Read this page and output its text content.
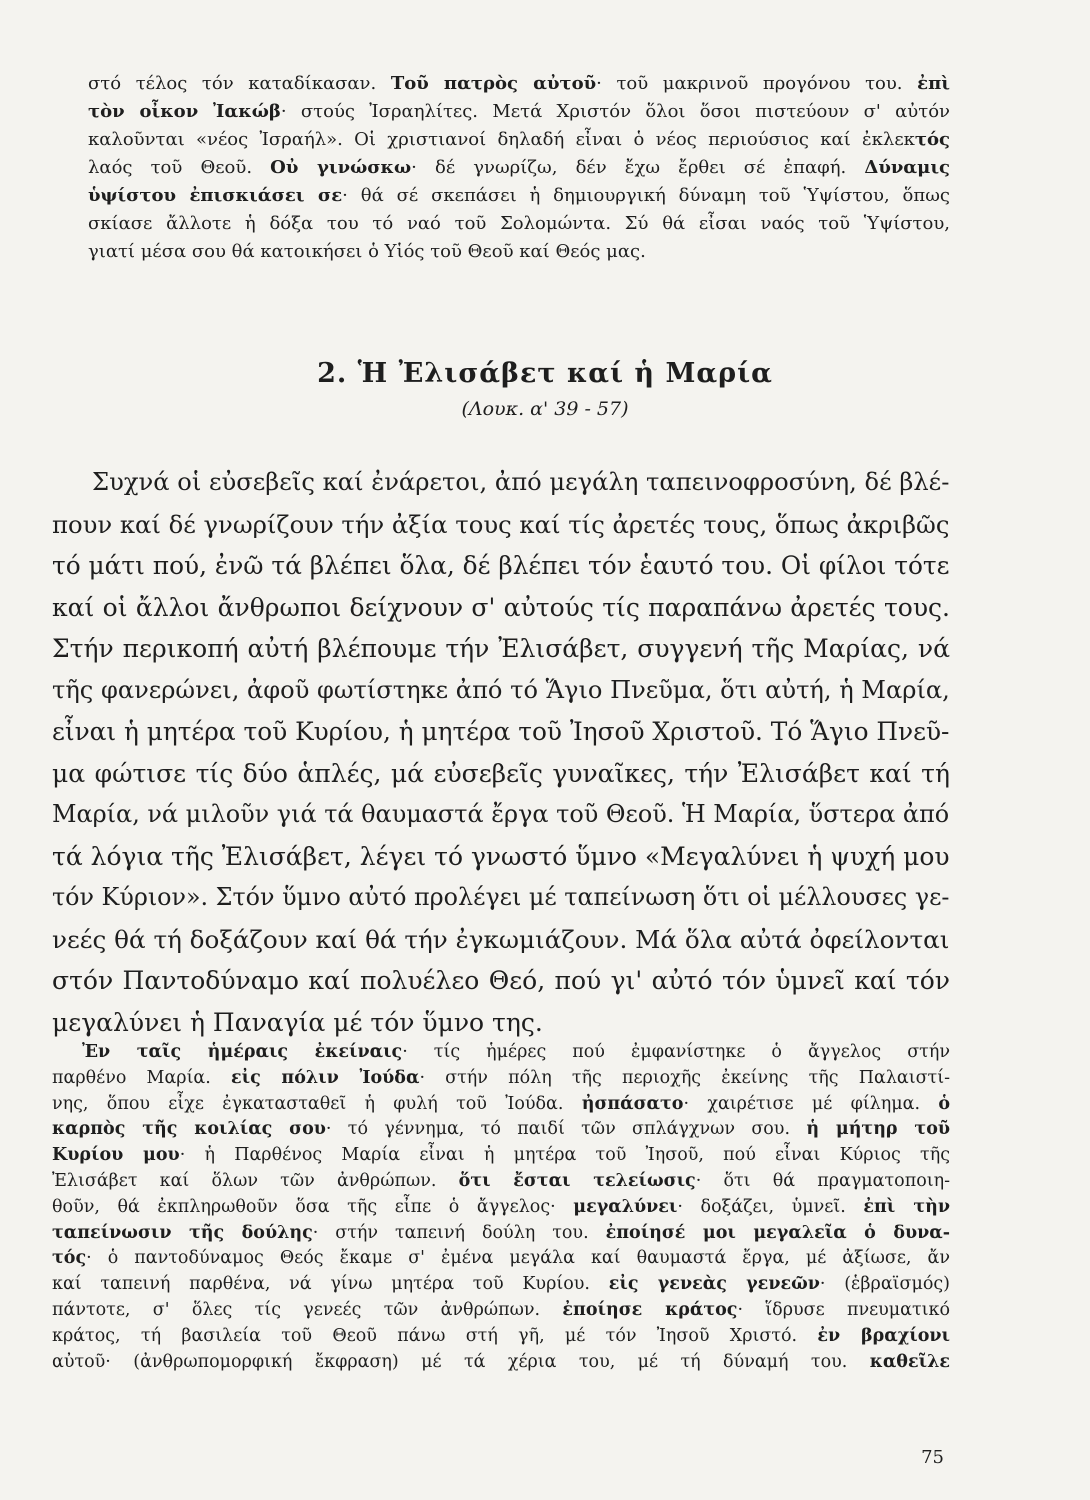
στό τέλος τόν καταδίκασαν. Τοῦ πατρὸς αὐτοῦ· τοῦ μακρινοῦ προγόνου του. ἐπὶ
τὸν οἶκον Ἰακώβ· στούς Ἰσραηλίτες. Μετά Χριστόν ὅλοι ὅσοι πιστεύουν σ' αὐτόν
καλοῦνται «νέος Ἰσραήλ». Οἱ χριστιανοί δηλαδή εἶναι ὁ νέος περιούσιος καί ἐκλεκτός
λαός τοῦ Θεοῦ. Οὐ γινώσκω· δέ γνωρίζω, δέν ἔχω ἔρθει σέ ἐπαφή. Δύναμις
ὑψίστου ἐπισκιάσει σε· θά σέ σκεπάσει ἡ δημιουργική δύναμη τοῦ Ὑψίστου, ὅπως
σκίασε ἄλλοτε ἡ δόξα του τό ναό τοῦ Σολομώντα. Σύ θά εἶσαι ναός τοῦ Ὑψίστου,
γιατί μέσα σου θά κατοικήσει ὁ Υἱός τοῦ Θεοῦ καί Θεός μας.
2. Ἡ Ἐλισάβετ καί ἡ Μαρία
(Λουκ. α' 39 - 57)
Συχνά οἱ εὐσεβεῖς καί ἐνάρετοι, ἀπό μεγάλη ταπεινοφροσύνη, δέ βλέ-
πουν καί δέ γνωρίζουν τήν ἀξία τους καί τίς ἀρετές τους, ὅπως ἀκριβῶς
τό μάτι πού, ἐνῶ τά βλέπει ὅλα, δέ βλέπει τόν ἑαυτό του. Οἱ φίλοι τότε
καί οἱ ἄλλοι ἄνθρωποι δείχνουν σ' αὐτούς τίς παραπάνω ἀρετές τους.
Στήν περικοπή αὐτή βλέπουμε τήν Ἐλισάβετ, συγγενή τῆς Μαρίας, νά
τῆς φανερώνει, ἀφοῦ φωτίστηκε ἀπό τό Ἅγιο Πνεῦμα, ὅτι αὐτή, ἡ Μαρία,
εἶναι ἡ μητέρα τοῦ Κυρίου, ἡ μητέρα τοῦ Ἰησοῦ Χριστοῦ. Τό Ἅγιο Πνεῦ-
μα φώτισε τίς δύο ἁπλές, μά εὐσεβεῖς γυναῖκες, τήν Ἐλισάβετ καί τή
Μαρία, νά μιλοῦν γιά τά θαυμαστά ἔργα τοῦ Θεοῦ. Ἡ Μαρία, ὕστερα ἀπό
τά λόγια τῆς Ἐλισάβετ, λέγει τό γνωστό ὕμνο «Μεγαλύνει ἡ ψυχή μου
τόν Κύριον». Στόν ὕμνο αὐτό προλέγει μέ ταπείνωση ὅτι οἱ μέλλουσες γε-
νεές θά τή δοξάζουν καί θά τήν ἐγκωμιάζουν. Μά ὅλα αὐτά ὀφείλονται
στόν Παντοδύναμο καί πολυέλεο Θεό, πού γι' αὐτό τόν ὑμνεῖ καί τόν
μεγαλύνει ἡ Παναγία μέ τόν ὕμνο της.
Ἐν ταῖς ἡμέραις ἐκείναις· τίς ἡμέρες πού ἐμφανίστηκε ὁ ἄγγελος στήν
παρθένο Μαρία. εἰς πόλιν Ἰούδα· στήν πόλη τῆς περιοχῆς ἐκείνης τῆς Παλαιστί-
νης, ὅπου εἶχε ἐγκατασταθεῖ ἡ φυλή τοῦ Ἰούδα. ἠσπάσατο· χαιρέτισε μέ φίλημα. ὁ
καρπὸς τῆς κοιλίας σου· τό γέννημα, τό παιδί τῶν σπλάγχνων σου. ἡ μήτηρ τοῦ
Κυρίου μου· ἡ Παρθένος Μαρία εἶναι ἡ μητέρα τοῦ Ἰησοῦ, πού εἶναι Κύριος τῆς
Ἐλισάβετ καί ὅλων τῶν ἀνθρώπων. ὅτι ἔσται τελείωσις· ὅτι θά πραγματοποιη-
θοῦν, θά ἐκπληρωθοῦν ὅσα τῆς εἶπε ὁ ἄγγελος· μεγαλύνει· δοξάζει, ὑμνεῖ. ἐπὶ τὴν
ταπείνωσιν τῆς δούλης· στήν ταπεινή δούλη του. ἐποίησέ μοι μεγαλεῖα ὁ δυνα-
τός· ὁ παντοδύναμος Θεός ἔκαμε σ' ἐμένα μεγάλα καί θαυμαστά ἔργα, μέ ἀξίωσε, ἄν
καί ταπεινή παρθένα, νά γίνω μητέρα τοῦ Κυρίου. εἰς γενεὰς γενεῶν· (ἑβραϊσμός)
πάντοτε, σ' ὅλες τίς γενεές τῶν ἀνθρώπων. ἐποίησε κράτος· ἵδρυσε πνευματικό
κράτος, τή βασιλεία τοῦ Θεοῦ πάνω στή γῆ, μέ τόν Ἰησοῦ Χριστό. ἐν βραχίονι
αὐτοῦ· (ἀνθρωπομορφική ἔκφραση) μέ τά χέρια του, μέ τή δύναμή του. καθεῖλε
75
